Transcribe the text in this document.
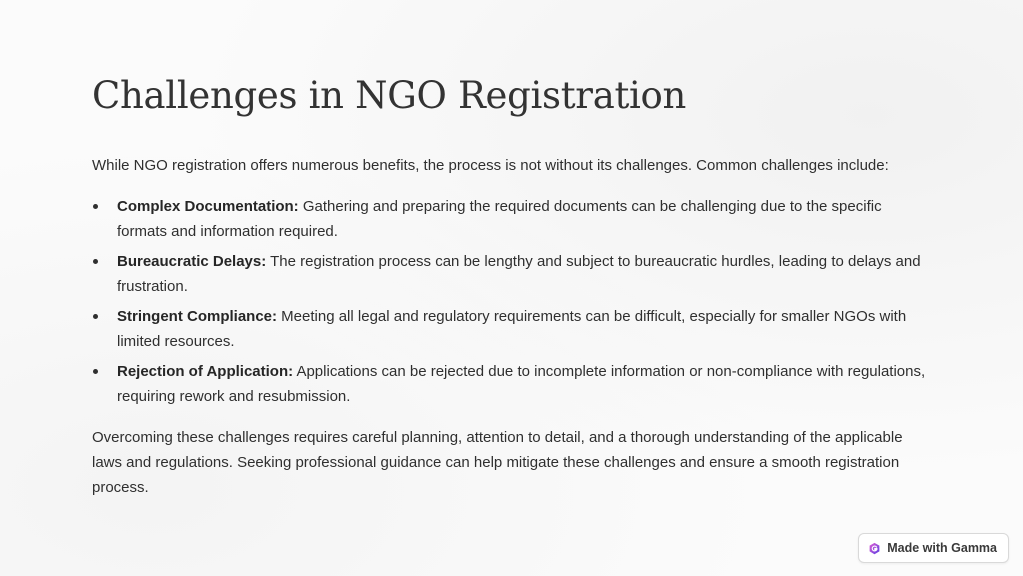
Challenges in NGO Registration

While NGO registration offers numerous benefits, the process is not without its challenges. Common challenges include:

Complex Documentation: Gathering and preparing the required documents can be challenging due to the specific formats and information required.
Bureaucratic Delays: The registration process can be lengthy and subject to bureaucratic hurdles, leading to delays and frustration.
Stringent Compliance: Meeting all legal and regulatory requirements can be difficult, especially for smaller NGOs with limited resources.
Rejection of Application: Applications can be rejected due to incomplete information or non-compliance with regulations, requiring rework and resubmission.

Overcoming these challenges requires careful planning, attention to detail, and a thorough understanding of the applicable laws and regulations. Seeking professional guidance can help mitigate these challenges and ensure a smooth registration process.

Made with Gamma
